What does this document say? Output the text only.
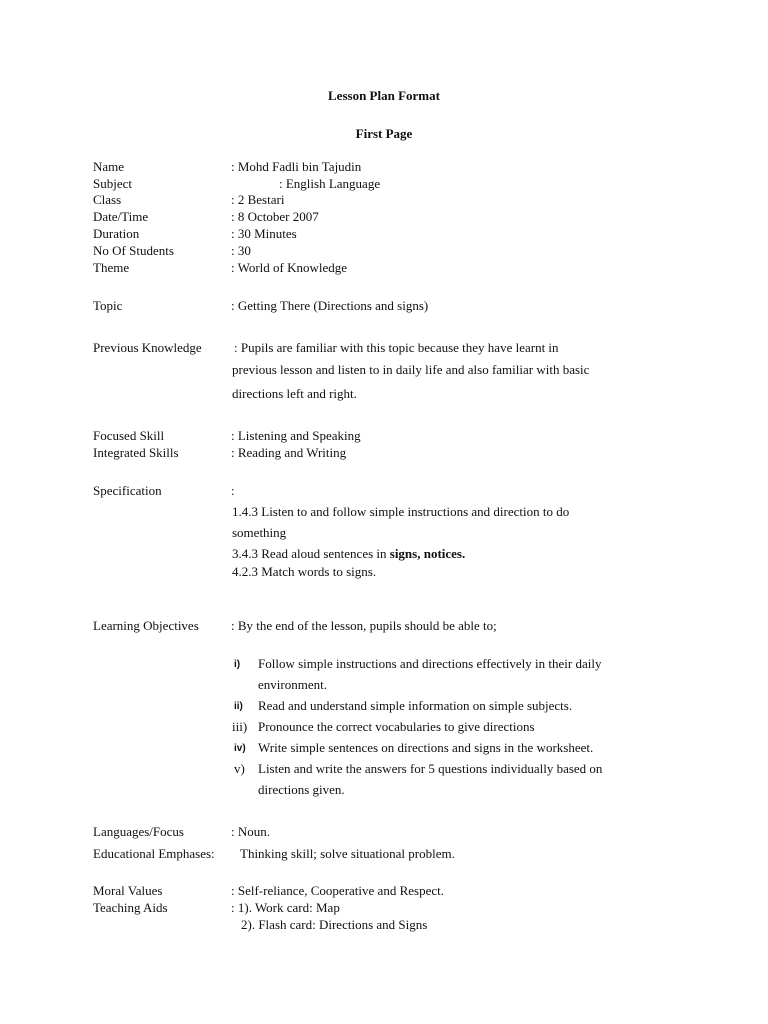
Lesson Plan Format
First Page
Name	: Mohd Fadli bin Tajudin
Subject	: English Language
Class	: 2 Bestari
Date/Time	: 8 October 2007
Duration	: 30 Minutes
No Of Students	: 30
Theme	: World of Knowledge
Topic	: Getting There (Directions and signs)
Previous Knowledge : Pupils are familiar with this topic because they have learnt in
previous lesson and listen to in daily life and also familiar with basic
directions left and right.
Focused Skill	: Listening and Speaking
Integrated Skills	: Reading and Writing
Specification	:
1.4.3 Listen to and follow simple instructions and direction to do
something
3.4.3 Read aloud sentences in signs, notices.
4.2.3 Match words to signs.
Learning Objectives : By the end of the lesson, pupils should be able to;
i) Follow simple instructions and directions effectively in their daily
environment.
ii) Read and understand simple information on simple subjects.
iii) Pronounce the correct vocabularies to give directions
iv) Write simple sentences on directions and signs in the worksheet.
v) Listen and write the answers for 5 questions individually based on
directions given.
Languages/Focus	: Noun.
Educational Emphases: Thinking skill; solve situational problem.
Moral Values	: Self-reliance, Cooperative and Respect.
Teaching Aids	: 1). Work card: Map
2). Flash card: Directions and Signs
